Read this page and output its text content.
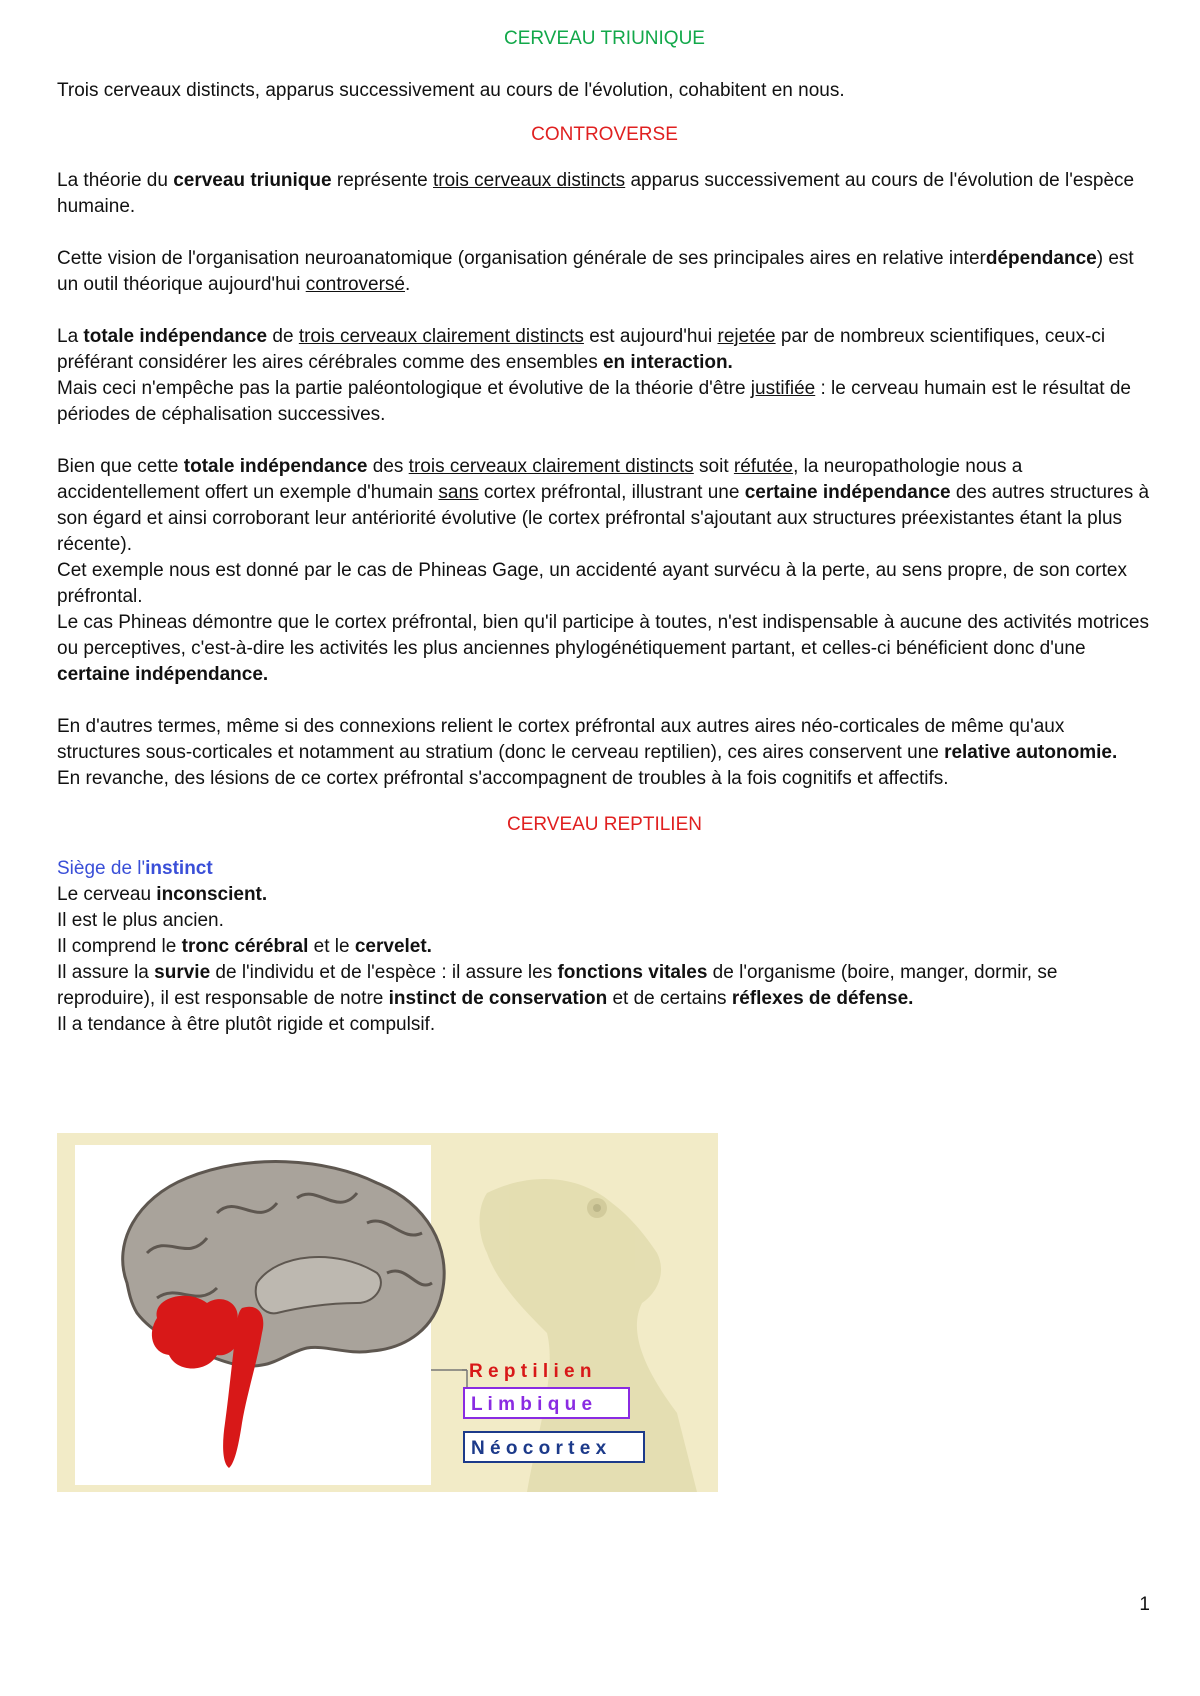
CERVEAU TRIUNIQUE

Trois cerveaux distincts, apparus successivement au cours de l'évolution, cohabitent en nous.

CONTROVERSE

La théorie du cerveau triunique représente trois cerveaux distincts apparus successivement au cours de l'évolution de l'espèce humaine.

Cette vision de l'organisation neuroanatomique (organisation générale de ses principales aires en relative interdépendance) est un outil théorique aujourd'hui controversé.

La totale indépendance de trois cerveaux clairement distincts est aujourd'hui rejetée par de nombreux scientifiques, ceux-ci préférant considérer les aires cérébrales comme des ensembles en interaction.

Mais ceci n'empêche pas la partie paléontologique et évolutive de la théorie d'être justifiée : le cerveau humain est le résultat de périodes de céphalisation successives.

Bien que cette totale indépendance des trois cerveaux clairement distincts soit réfutée, la neuropathologie nous a accidentellement offert un exemple d'humain sans cortex préfrontal, illustrant une certaine indépendance des autres structures à son égard et ainsi corroborant leur antériorité évolutive (le cortex préfrontal s'ajoutant aux structures préexistantes étant la plus récente).

Cet exemple nous est donné par le cas de Phineas Gage, un accidenté ayant survécu à la perte, au sens propre, de son cortex préfrontal.

Le cas Phineas démontre que le cortex préfrontal, bien qu'il participe à toutes, n'est indispensable à aucune des activités motrices ou perceptives, c'est-à-dire les activités les plus anciennes phylogénétiquement partant, et celles-ci bénéficient donc d'une certaine indépendance.

En d'autres termes, même si des connexions relient le cortex préfrontal aux autres aires néo-corticales de même qu'aux structures sous-corticales et notamment au stratium (donc le cerveau reptilien), ces aires conservent une relative autonomie.

En revanche, des lésions de ce cortex préfrontal s'accompagnent de troubles à la fois cognitifs et affectifs.

CERVEAU REPTILIEN

Siège de l'instinct

Le cerveau inconscient.

Il est le plus ancien.

Il comprend le tronc cérébral et le cervelet.

Il assure la survie de l'individu et de l'espèce : il assure les fonctions vitales de l'organisme (boire, manger, dormir, se reproduire), il est responsable de notre instinct de conservation et de certains réflexes de défense.

Il a tendance à être plutôt rigide et compulsif.

R e p t i l i e n
L i m b i q u e
N é o c o r t e x
1
